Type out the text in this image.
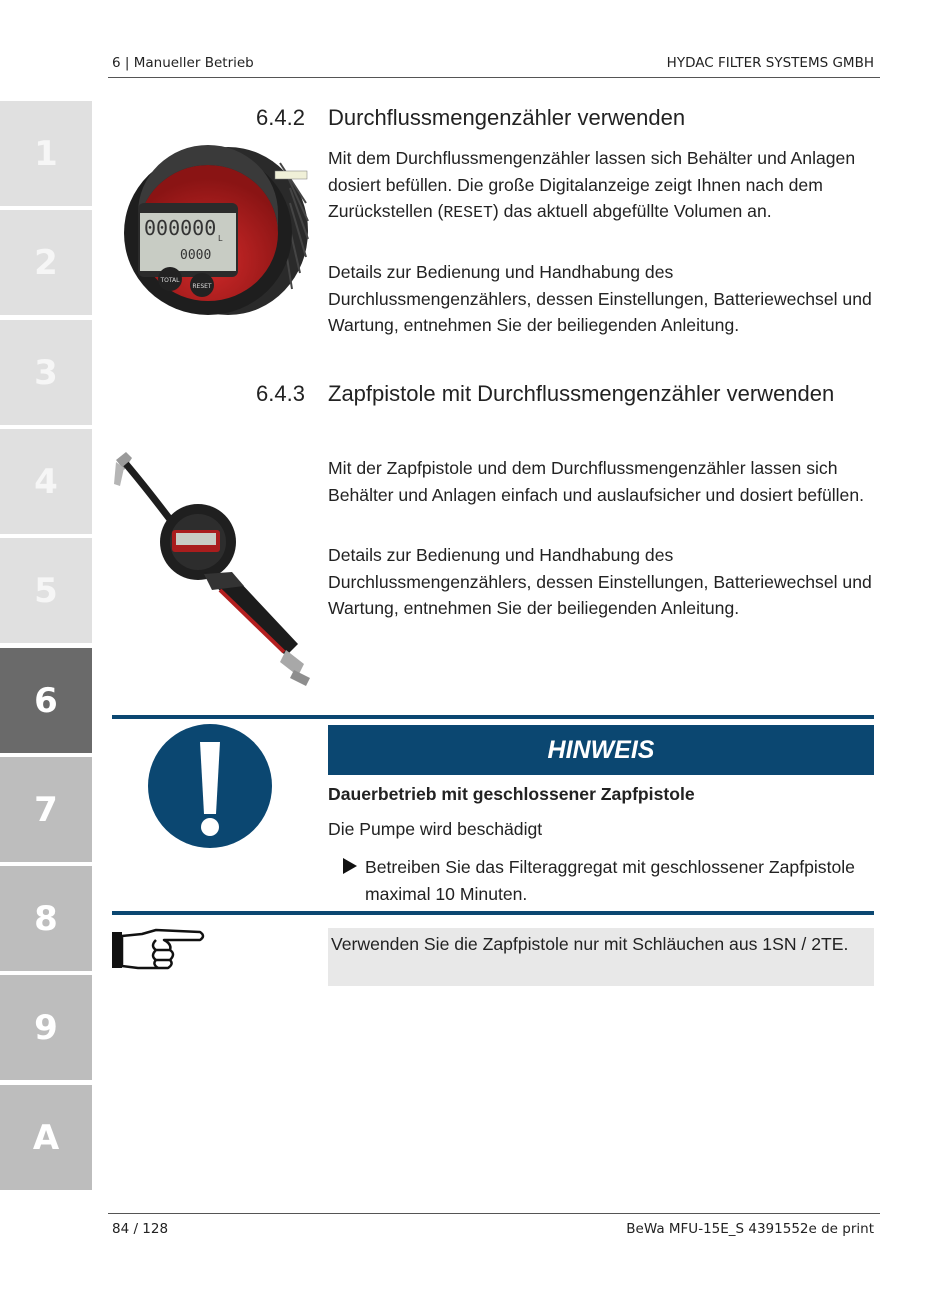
6 | Manueller Betrieb	HYDAC FILTER SYSTEMS GMBH
1
2
3
4
5
6
7
8
9
A
6.4.2 Durchflussmengenzähler verwenden
000000 L
0000
TOTAL
RESET
Mit dem Durchflussmengenzähler lassen sich Behälter und Anlagen dosiert befüllen. Die große Digitalanzeige zeigt Ihnen nach dem Zurückstellen (RESET) das aktuell abgefüllte Volumen an.
Details zur Bedienung und Handhabung des Durchlussmengenzählers, dessen Einstellungen, Batteriewechsel und Wartung, entnehmen Sie der beiliegenden Anleitung.
6.4.3 Zapfpistole mit Durchflussmengenzähler verwenden
Mit der Zapfpistole und dem Durchflussmengenzähler lassen sich Behälter und Anlagen einfach und auslaufsicher und dosiert befüllen.
Details zur Bedienung und Handhabung des Durchlussmengenzählers, dessen Einstellungen, Batteriewechsel und Wartung, entnehmen Sie der beiliegenden Anleitung.
HINWEIS
Dauerbetrieb mit geschlossener Zapfpistole
Die Pumpe wird beschädigt
Betreiben Sie das Filteraggregat mit geschlossener Zapfpistole maximal 10 Minuten.
Verwenden Sie die Zapfpistole nur mit Schläuchen aus 1SN / 2TE.
84 / 128	BeWa MFU-15E_S 4391552e de print
